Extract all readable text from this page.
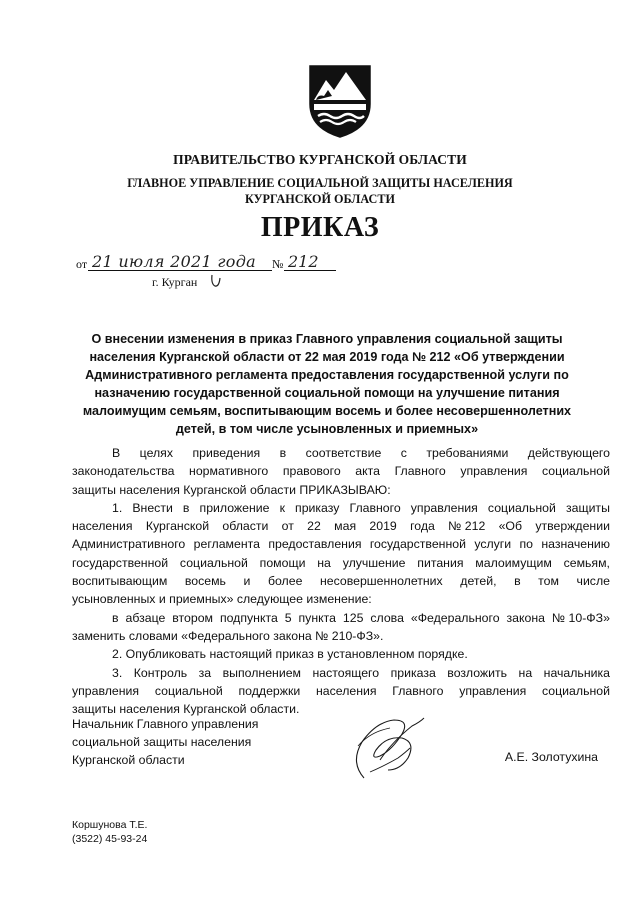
ПРАВИТЕЛЬСТВО КУРГАНСКОЙ ОБЛАСТИ
ГЛАВНОЕ УПРАВЛЕНИЕ СОЦИАЛЬНОЙ ЗАЩИТЫ НАСЕЛЕНИЯ
КУРГАНСКОЙ ОБЛАСТИ
ПРИКАЗ
от 21 июля 2021 года № 212
г. Курган
О внесении изменения в приказ Главного управления социальной защиты
населения Курганской области от 22 мая 2019 года № 212 «Об утверждении
Административного регламента предоставления государственной услуги по
назначению государственной социальной помощи на улучшение питания
малоимущим семьям, воспитывающим восемь и более несовершеннолетних
детей, в том числе усыновленных и приемных»
В целях приведения в соответствие с требованиями действующего
законодательства нормативного правового акта Главного управления социальной
защиты населения Курганской области ПРИКАЗЫВАЮ:
1. Внести в приложение к приказу Главного управления социальной защиты
населения Курганской области от 22 мая 2019 года № 212 «Об утверждении
Административного регламента предоставления государственной услуги по назначению
государственной социальной помощи на улучшение питания малоимущим семьям,
воспитывающим восемь и более несовершеннолетних детей, в том числе
усыновленных и приемных» следующее изменение:
в абзаце втором подпункта 5 пункта 125 слова «Федерального закона № 10-ФЗ»
заменить словами «Федерального закона № 210-ФЗ».
2. Опубликовать настоящий приказ в установленном порядке.
3. Контроль за выполнением настоящего приказа возложить на начальника
управления социальной поддержки населения Главного управления социальной
защиты населения Курганской области.
Начальник Главного управления
социальной защиты населения
Курганской области	А.Е. Золотухина
Коршунова Т.Е.
(3522) 45-93-24
